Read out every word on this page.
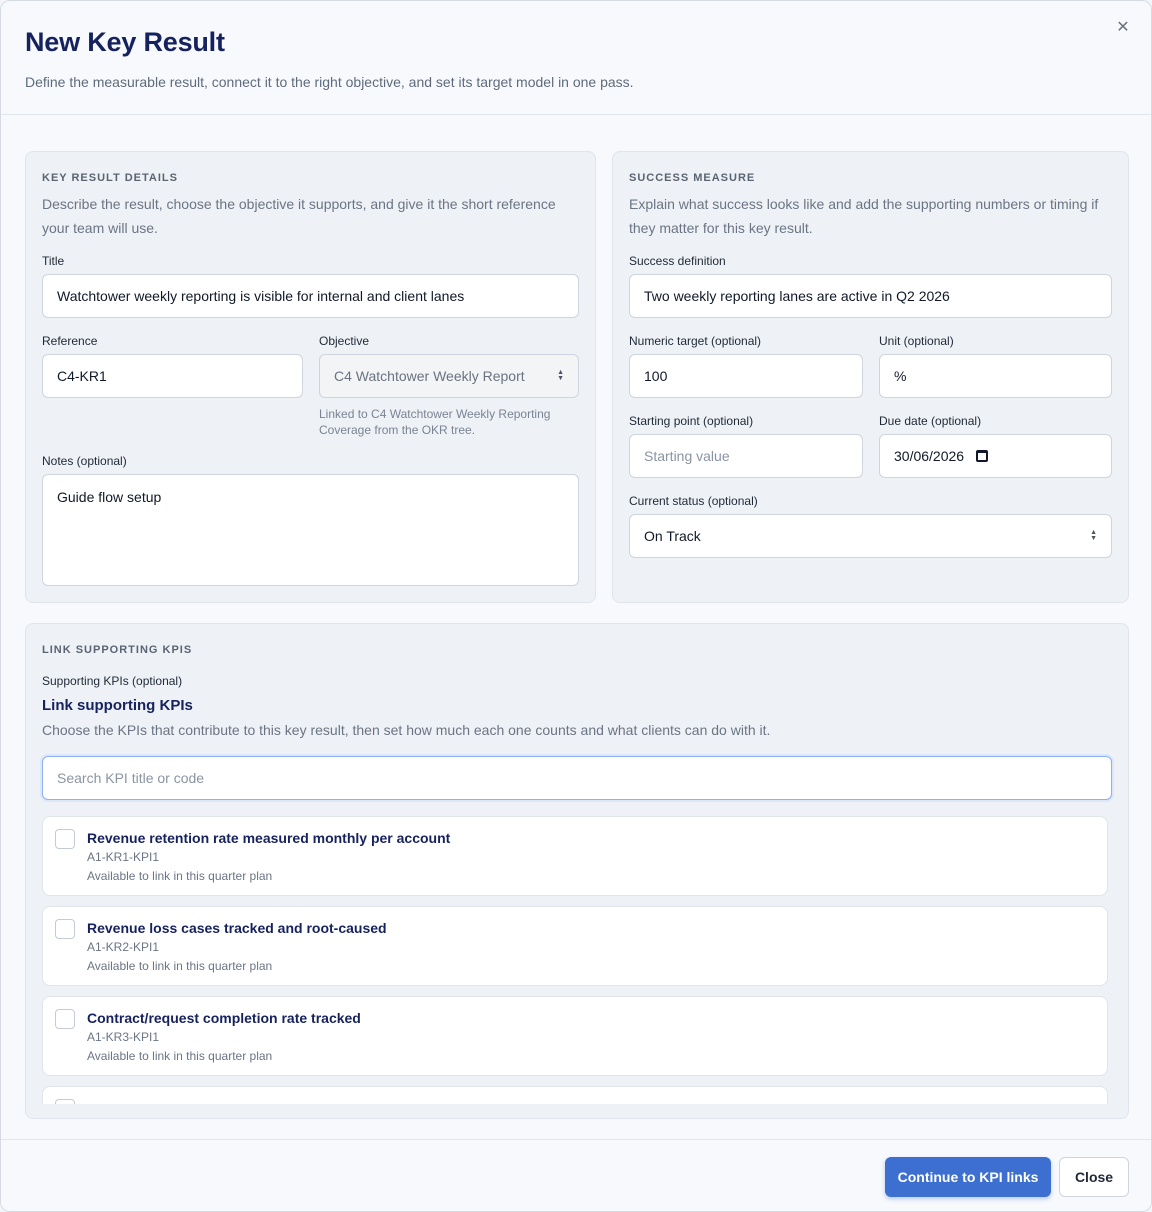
New Key Result
Define the measurable result, connect it to the right objective, and set its target model in one pass.
✕
KEY RESULT DETAILS
Describe the result, choose the objective it supports, and give it the short reference your team will use.
Title
Watchtower weekly reporting is visible for internal and client lanes
Reference
C4-KR1
Objective
C4 Watchtower Weekly Report	▲
▼
Linked to C4 Watchtower Weekly Reporting Coverage from the OKR tree.
Notes (optional)
Guide flow setup
SUCCESS MEASURE
Explain what success looks like and add the supporting numbers or timing if they matter for this key result.
Success definition
Two weekly reporting lanes are active in Q2 2026
Numeric target (optional)
100
Unit (optional)
%
Starting point (optional)
Starting value
Due date (optional)
30/06/2026
Current status (optional)
On Track	▲
▼
LINK SUPPORTING KPIS
Supporting KPIs (optional)
Link supporting KPIs
Choose the KPIs that contribute to this key result, then set how much each one counts and what clients can do with it.
Search KPI title or code
Revenue retention rate measured monthly per account
A1-KR1-KPI1
Available to link in this quarter plan
Revenue loss cases tracked and root-caused
A1-KR2-KPI1
Available to link in this quarter plan
Contract/request completion rate tracked
A1-KR3-KPI1
Available to link in this quarter plan
Continue to KPI links	Close
